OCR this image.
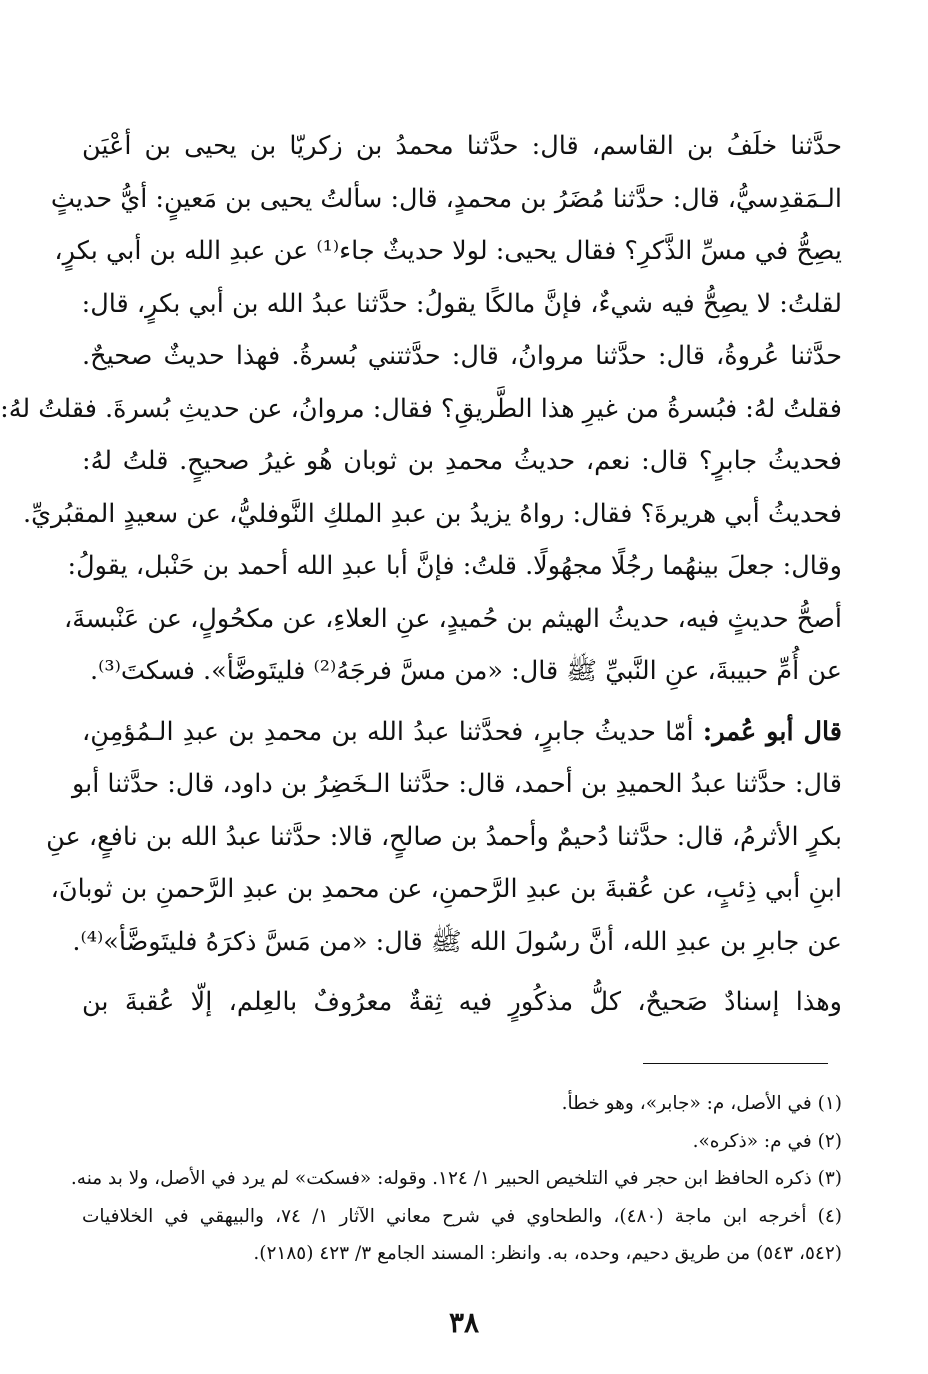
حدَّثنا خلَفُ بن القاسم، قال: حدَّثنا محمدُ بن زكريّا بن يحيى بن أعْيَن
الـمَقدِسيُّ، قال: حدَّثنا مُضَرُ بن محمدٍ، قال: سألتُ يحيى بن مَعينٍ: أيُّ حديثٍ
يصِحُّ في مسِّ الذَّكرِ؟ فقال يحيى: لولا حديثٌ جاء⁽¹⁾ عن عبدِ الله بن أبي بكرٍ،
لقلتُ: لا يصِحُّ فيه شيءٌ، فإنَّ مالكًا يقولُ: حدَّثنا عبدُ الله بن أبي بكرٍ، قال:
حدَّثنا عُروةُ، قال: حدَّثنا مروانُ، قال: حدَّثتني بُسرةُ. فهذا حديثٌ صحيحٌ.
فقلتُ لهُ: فبُسرةُ من غيرِ هذا الطَّريقِ؟ فقال: مروانُ، عن حديثِ بُسرةَ. فقلتُ لهُ:
فحديثُ جابرٍ؟ قال: نعم، حديثُ محمدِ بن ثوبان هُو غيرُ صحيحٍ. قلتُ لهُ:
فحديثُ أبي هريرةَ؟ فقال: رواهُ يزيدُ بن عبدِ الملكِ النَّوفليُّ، عن سعيدٍ المقبُريِّ.
وقال: جعلَ بينهُما رجُلًا مجهُولًا. قلتُ: فإنَّ أبا عبدِ الله أحمد بن حَنْبل، يقولُ:
أصحُّ حديثٍ فيه، حديثُ الهيثم بن حُميدٍ، عنِ العلاءِ، عن مكحُولٍ، عن عَنْبسةَ،
عن أُمِّ حبيبةَ، عنِ النَّبيِّ ﷺ قال: «من مسَّ فرجَهُ⁽²⁾ فليتَوضَّأ». فسكتَ⁽³⁾.
قال أبو عُمر: أمّا حديثُ جابرٍ، فحدَّثنا عبدُ الله بن محمدِ بن عبدِ الـمُؤمِنِ،
قال: حدَّثنا عبدُ الحميدِ بن أحمد، قال: حدَّثنا الـخَضِرُ بن داود، قال: حدَّثنا أبو
بكرٍ الأثرمُ، قال: حدَّثنا دُحيمٌ وأحمدُ بن صالحٍ، قالا: حدَّثنا عبدُ الله بن نافعٍ، عنِ
ابنِ أبي ذِئبٍ، عن عُقبةَ بن عبدِ الرَّحمنِ، عن محمدِ بن عبدِ الرَّحمنِ بن ثوبانَ،
عن جابرِ بن عبدِ الله، أنَّ رسُولَ الله ﷺ قال: «من مَسَّ ذكرَهُ فليتَوضَّأ»⁽⁴⁾.
وهذا إسنادٌ صَحيحٌ، كلُّ مذكُورٍ فيه ثِقةٌ معرُوفٌ بالعِلم، إلّا عُقبةَ بن
(١) في الأصل، م: «جابر»، وهو خطأ.
(٢) في م: «ذكره».
(٣) ذكره الحافظ ابن حجر في التلخيص الحبير ١/ ١٢٤. وقوله: «فسكت» لم يرد في الأصل، ولا بد منه.
(٤) أخرجه ابن ماجة (٤٨٠)، والطحاوي في شرح معاني الآثار ١/ ٧٤، والبيهقي في الخلافيات
(٥٤٢، ٥٤٣) من طريق دحيم، وحده، به. وانظر: المسند الجامع ٣/ ٤٢٣ (٢١٨٥).
٣٨
